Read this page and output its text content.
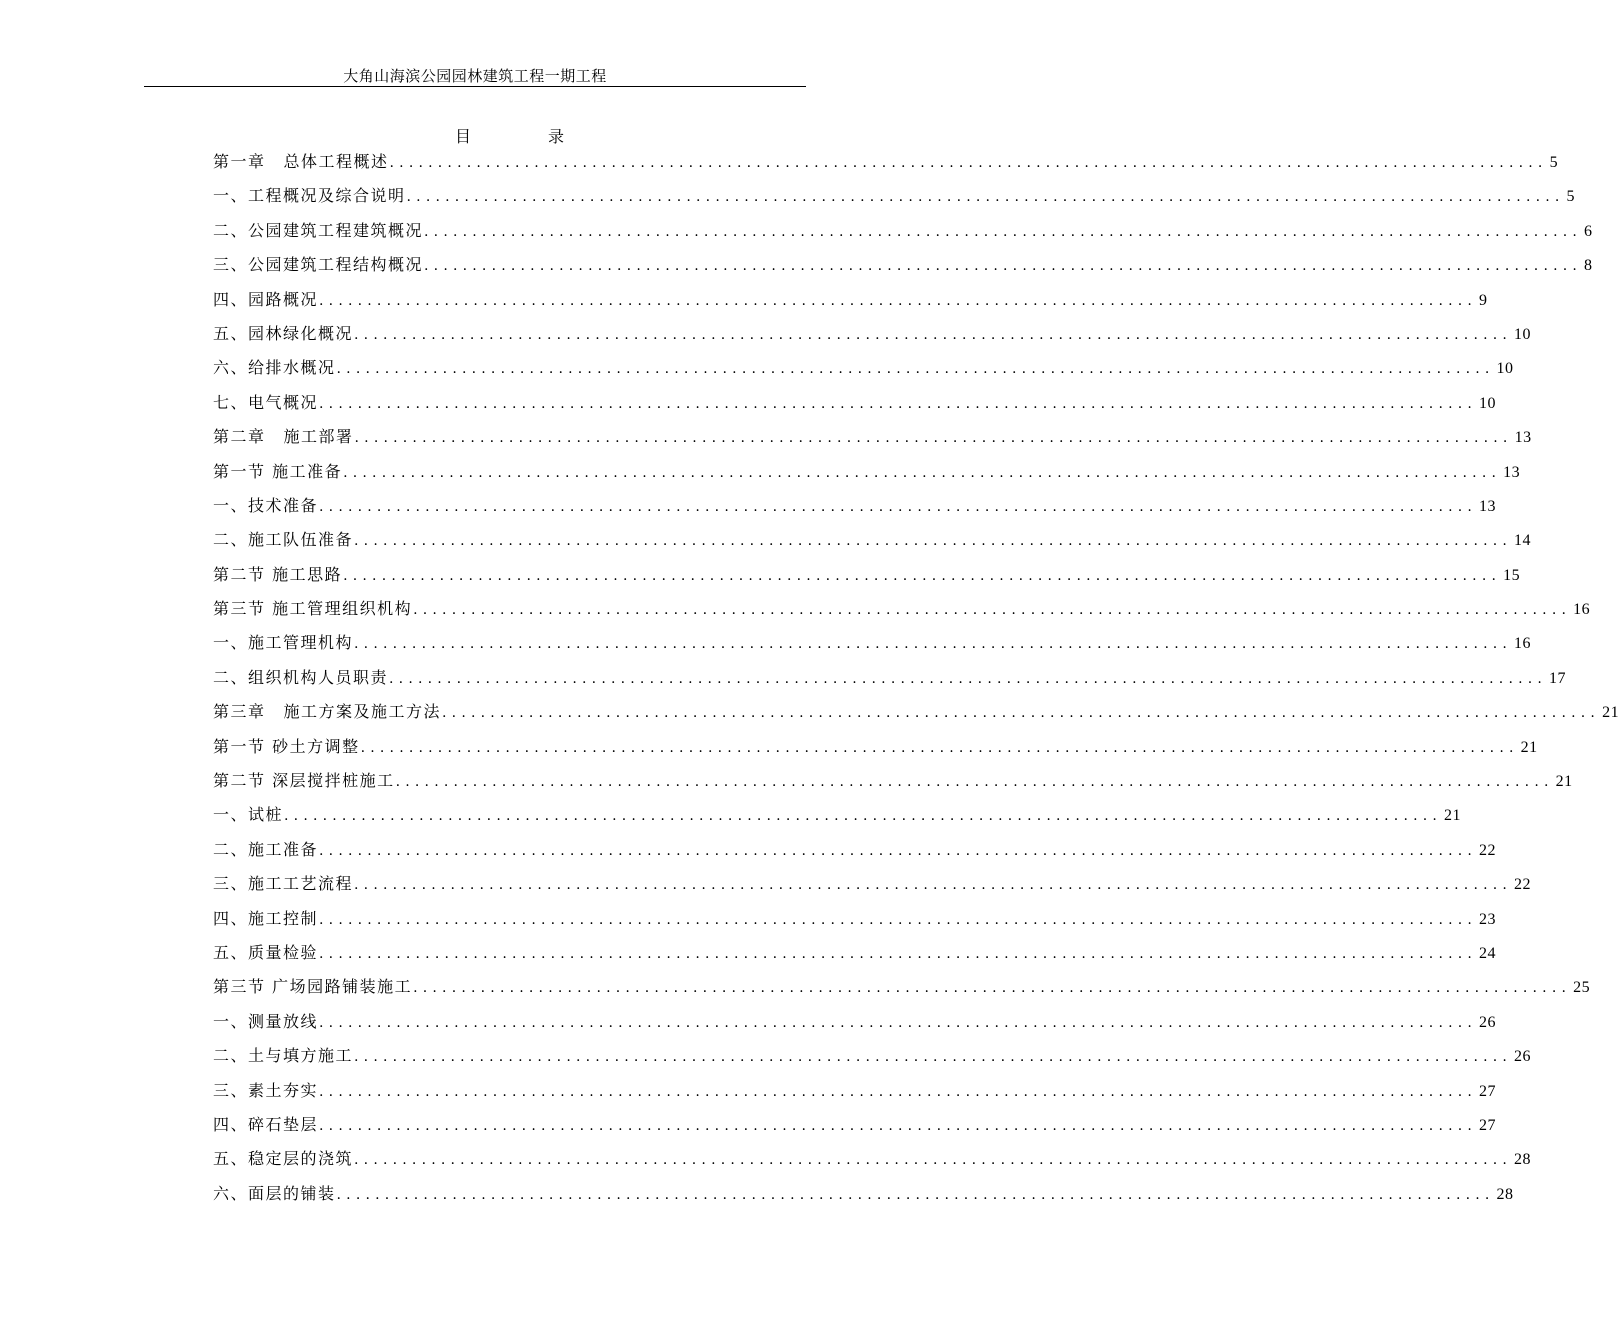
大角山海滨公园园林建筑工程一期工程
目 录
第一章 总体工程概述 ........................................................................................................................ 5
一、工程概况及综合说明 ........................................................................................................................ 5
二、公园建筑工程建筑概况 ........................................................................................................................ 6
三、公园建筑工程结构概况 ........................................................................................................................ 8
四、园路概况 ........................................................................................................................ 9
五、园林绿化概况 ........................................................................................................................ 10
六、给排水概况 ........................................................................................................................ 10
七、电气概况 ........................................................................................................................ 10
第二章 施工部署 ........................................................................................................................ 13
第一节 施工准备 ........................................................................................................................ 13
一、技术准备 ........................................................................................................................ 13
二、施工队伍准备 ........................................................................................................................ 14
第二节 施工思路 ........................................................................................................................ 15
第三节 施工管理组织机构 ........................................................................................................................ 16
一、施工管理机构 ........................................................................................................................ 16
二、组织机构人员职责 ........................................................................................................................ 17
第三章 施工方案及施工方法 ........................................................................................................................ 21
第一节 砂土方调整 ........................................................................................................................ 21
第二节 深层搅拌桩施工 ........................................................................................................................ 21
一、试桩 ........................................................................................................................ 21
二、施工准备 ........................................................................................................................ 22
三、施工工艺流程 ........................................................................................................................ 22
四、施工控制 ........................................................................................................................ 23
五、质量检验 ........................................................................................................................ 24
第三节 广场园路铺装施工 ........................................................................................................................ 25
一、测量放线 ........................................................................................................................ 26
二、土与填方施工 ........................................................................................................................ 26
三、素土夯实 ........................................................................................................................ 27
四、碎石垫层 ........................................................................................................................ 27
五、稳定层的浇筑 ........................................................................................................................ 28
六、面层的铺装 ........................................................................................................................ 28
